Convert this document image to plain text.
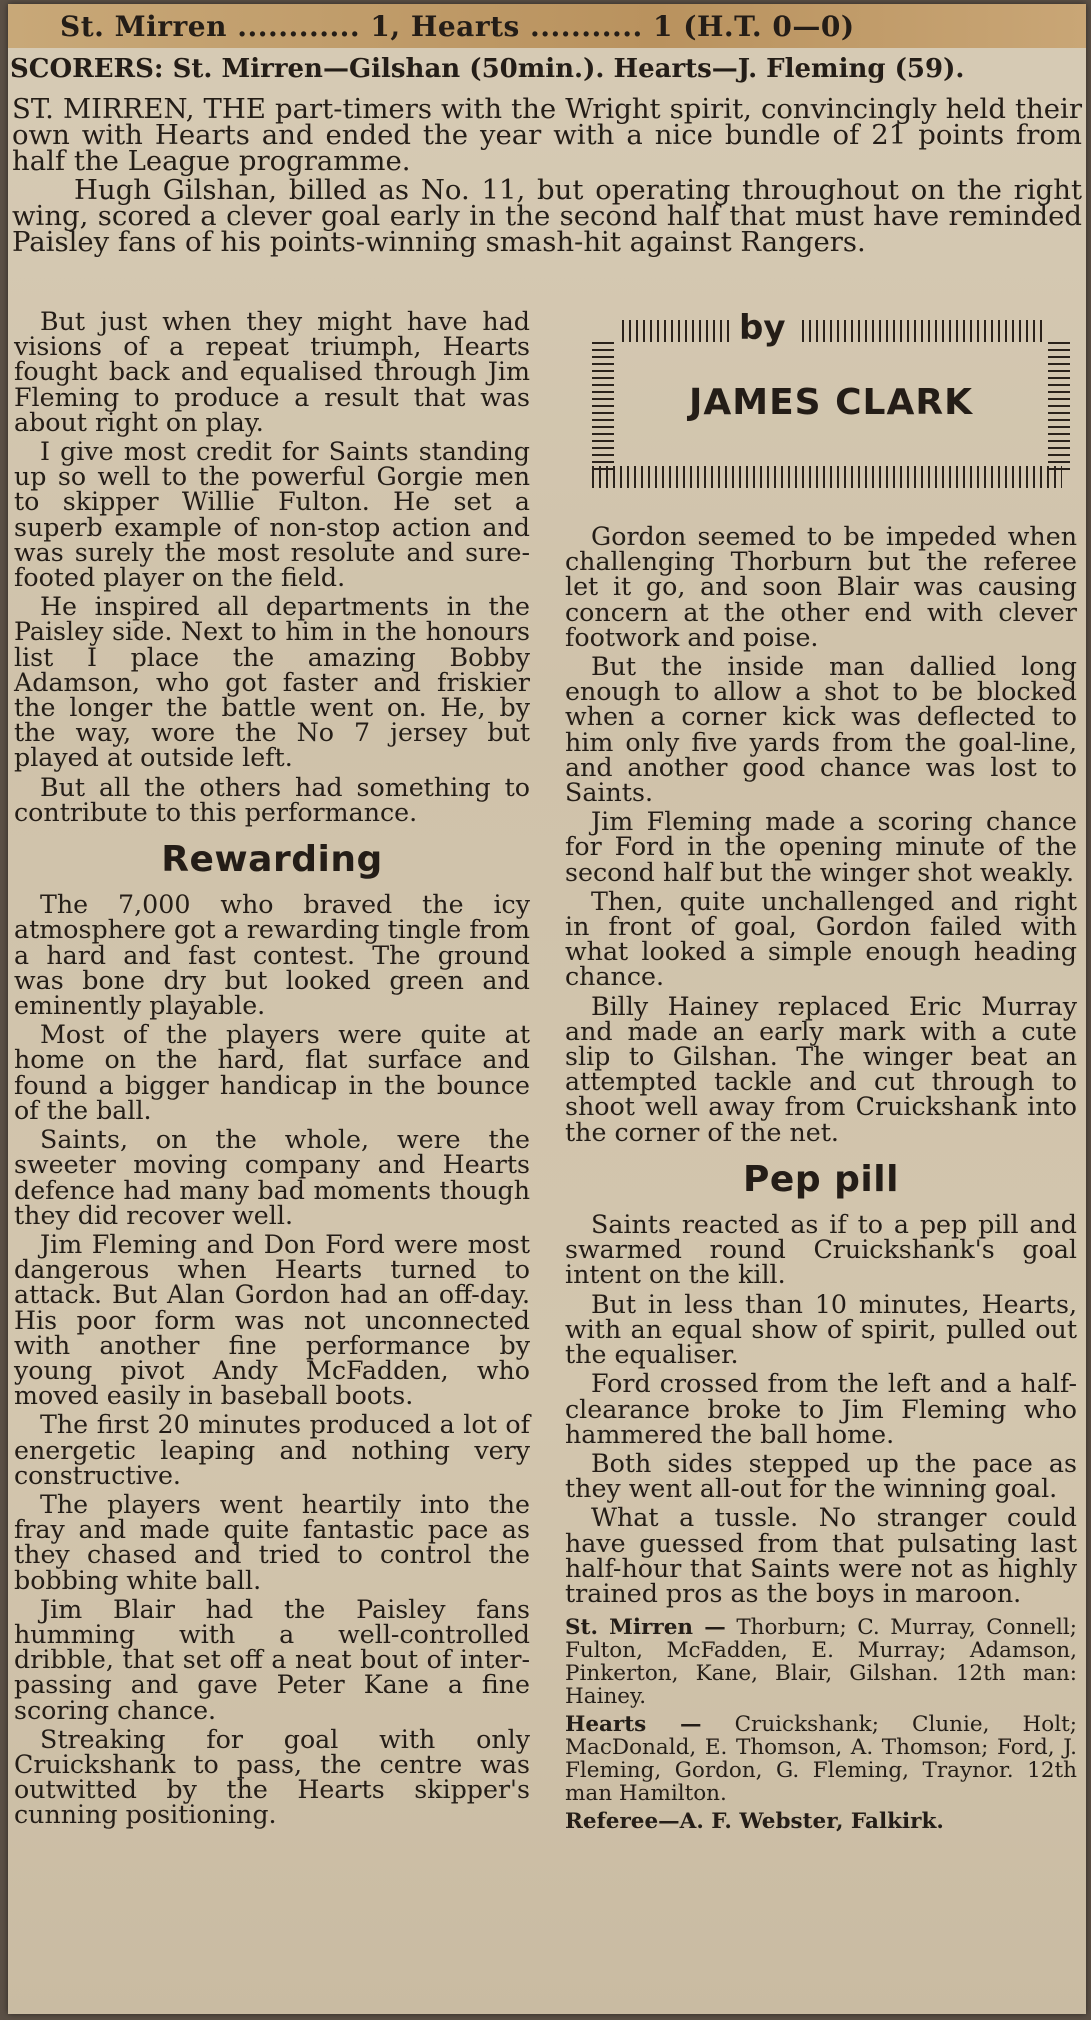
St. Mirren ............ 1, Hearts ........... 1 (H.T. 0—0)
SCORERS: St. Mirren—Gilshan (50min.). Hearts—J. Fleming (59).

ST. MIRREN, THE part-timers with the Wright spirit, convincingly held their own with Hearts and ended the year with a nice bundle of 21 points from half the League programme.

Hugh Gilshan, billed as No. 11, but operating throughout on the right wing, scored a clever goal early in the second half that must have reminded Paisley fans of his points-winning smash-hit against Rangers.

But just when they might have had visions of a repeat triumph, Hearts fought back and equalised through Jim Fleming to produce a result that was about right on play.

I give most credit for Saints standing up so well to the powerful Gorgie men to skipper Willie Fulton. He set a superb example of non-stop action and was surely the most resolute and sure-footed player on the field.

He inspired all departments in the Paisley side. Next to him in the honours list I place the amazing Bobby Adamson, who got faster and friskier the longer the battle went on. He, by the way, wore the No 7 jersey but played at outside left.

But all the others had something to contribute to this performance.

Rewarding

The 7,000 who braved the icy atmosphere got a rewarding tingle from a hard and fast contest. The ground was bone dry but looked green and eminently playable.

Most of the players were quite at home on the hard, flat surface and found a bigger handicap in the bounce of the ball.

Saints, on the whole, were the sweeter moving company and Hearts defence had many bad moments though they did recover well.

Jim Fleming and Don Ford were most dangerous when Hearts turned to attack. But Alan Gordon had an off-day. His poor form was not unconnected with another fine performance by young pivot Andy McFadden, who moved easily in baseball boots.

The first 20 minutes produced a lot of energetic leaping and nothing very constructive.

The players went heartily into the fray and made quite fantastic pace as they chased and tried to control the bobbing white ball.

Jim Blair had the Paisley fans humming with a well-controlled dribble, that set off a neat bout of inter-passing and gave Peter Kane a fine scoring chance.

Streaking for goal with only Cruickshank to pass, the centre was outwitted by the Hearts skipper's cunning positioning.

by
JAMES CLARK

Gordon seemed to be impeded when challenging Thorburn but the referee let it go, and soon Blair was causing concern at the other end with clever footwork and poise.

But the inside man dallied long enough to allow a shot to be blocked when a corner kick was deflected to him only five yards from the goal-line, and another good chance was lost to Saints.

Jim Fleming made a scoring chance for Ford in the opening minute of the second half but the winger shot weakly.

Then, quite unchallenged and right in front of goal, Gordon failed with what looked a simple enough heading chance.

Billy Hainey replaced Eric Murray and made an early mark with a cute slip to Gilshan. The winger beat an attempted tackle and cut through to shoot well away from Cruickshank into the corner of the net.

Pep pill

Saints reacted as if to a pep pill and swarmed round Cruickshank's goal intent on the kill.

But in less than 10 minutes, Hearts, with an equal show of spirit, pulled out the equaliser.

Ford crossed from the left and a half-clearance broke to Jim Fleming who hammered the ball home.

Both sides stepped up the pace as they went all-out for the winning goal.

What a tussle. No stranger could have guessed from that pulsating last half-hour that Saints were not as highly trained pros as the boys in maroon.

St. Mirren — Thorburn; C. Murray, Connell; Fulton, McFadden, E. Murray; Adamson, Pinkerton, Kane, Blair, Gilshan. 12th man: Hainey.

Hearts — Cruickshank; Clunie, Holt; MacDonald, E. Thomson, A. Thomson; Ford, J. Fleming, Gordon, G. Fleming, Traynor. 12th man Hamilton.

Referee—A. F. Webster, Falkirk.
